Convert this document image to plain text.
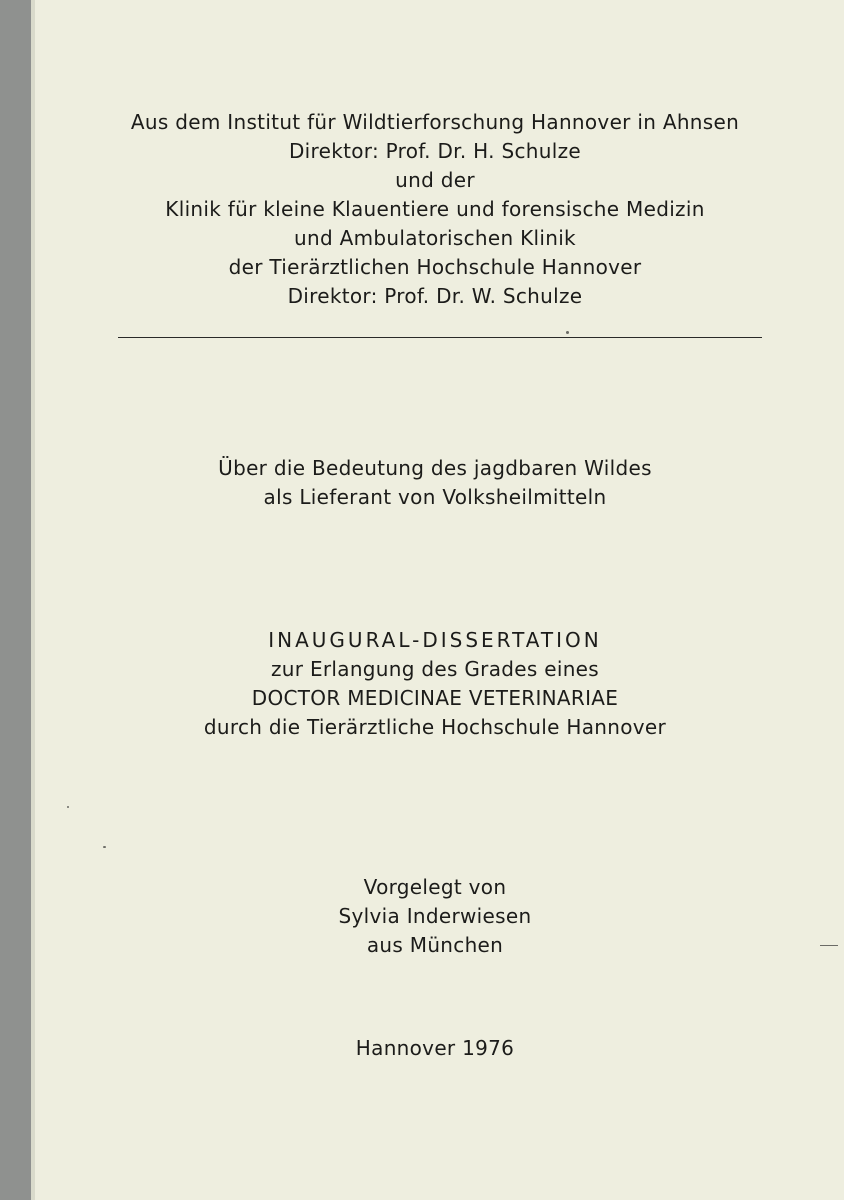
Aus dem Institut für Wildtierforschung Hannover in Ahnsen
Direktor: Prof. Dr. H. Schulze
und der
Klinik für kleine Klauentiere und forensische Medizin
und Ambulatorischen Klinik
der Tierärztlichen Hochschule Hannover
Direktor: Prof. Dr. W. Schulze
Über die Bedeutung des jagdbaren Wildes
als Lieferant von Volksheilmitteln
INAUGURAL-DISSERTATION
zur Erlangung des Grades eines
DOCTOR MEDICINAE VETERINARIAE
durch die Tierärztliche Hochschule Hannover
Vorgelegt von
Sylvia Inderwiesen
aus München
Hannover 1976
